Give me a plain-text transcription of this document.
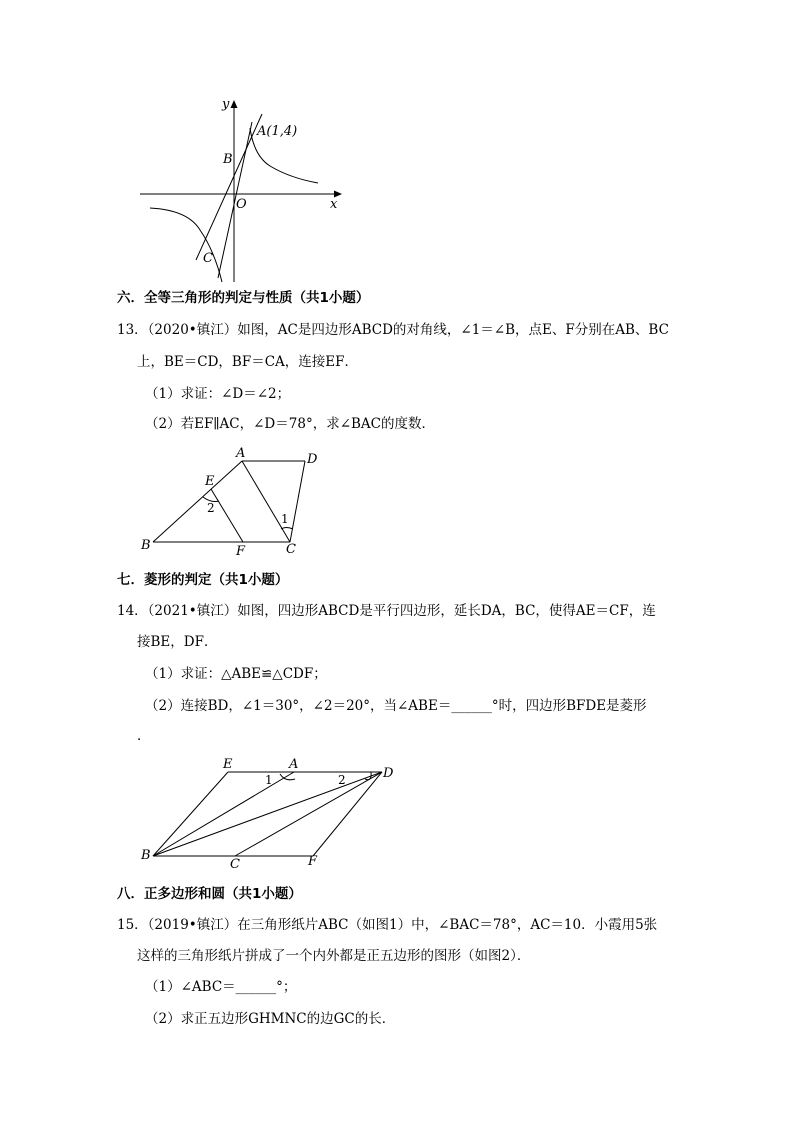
y
A(1,4)
B
O	x
C
六．全等三角形的判定与性质（共1小题）
13．（2020•镇江）如图，AC是四边形ABCD的对角线，∠1＝∠B，点E、F分别在AB、BC
上，BE＝CD，BF＝CA，连接EF．
（1）求证：∠D＝∠2；
（2）若EF∥AC，∠D＝78°，求∠BAC的度数．
A	D
E
2
1
B	F	C
七．菱形的判定（共1小题）
14．（2021•镇江）如图，四边形ABCD是平行四边形，延长DA，BC，使得AE＝CF，连
接BE，DF．
（1）求证：△ABE≌△CDF；
（2）连接BD，∠1＝30°，∠2＝20°，当∠ABE＝______°时，四边形BFDE是菱形
．
E	A
1	2	D
B
C	F
八．正多边形和圆（共1小题）
15．（2019•镇江）在三角形纸片ABC（如图1）中，∠BAC＝78°，AC＝10．小霞用5张
这样的三角形纸片拼成了一个内外都是正五边形的图形（如图2）．
（1）∠ABC＝______°；
（2）求正五边形GHMNC的边GC的长．
